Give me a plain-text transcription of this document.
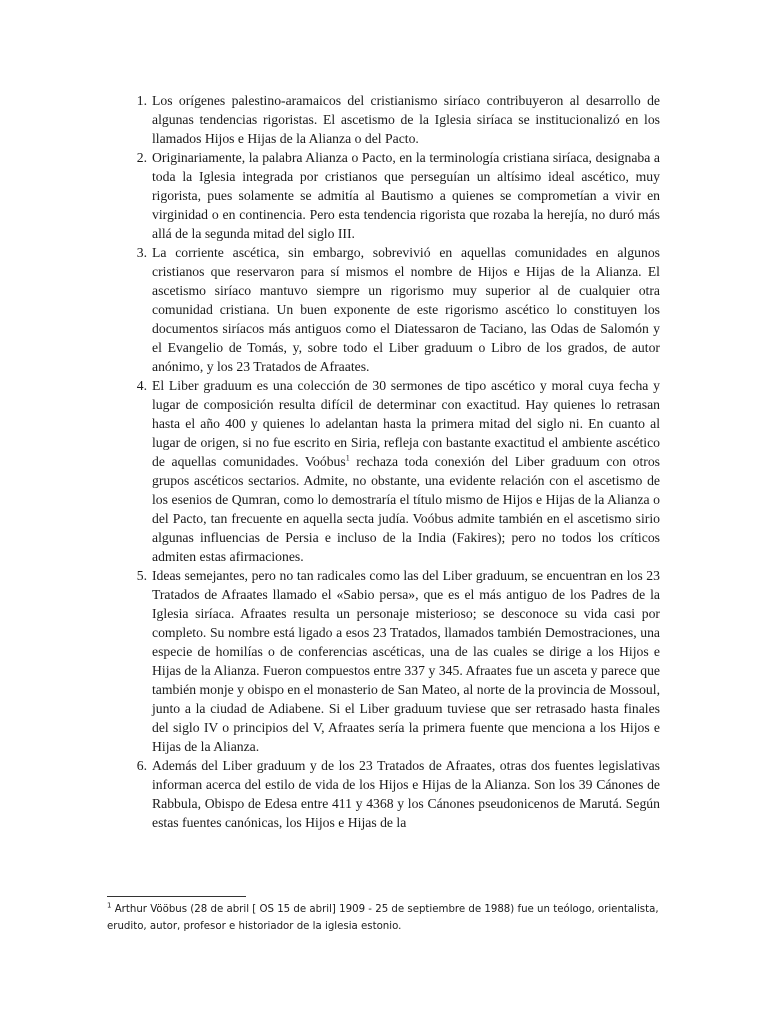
1. Los orígenes palestino-aramaicos del cristianismo siríaco contribuyeron al desarrollo de algunas tendencias rigoristas. El ascetismo de la Iglesia siríaca se institucionalizó en los llamados Hijos e Hijas de la Alianza o del Pacto.
2. Originariamente, la palabra Alianza o Pacto, en la terminología cristiana siríaca, designaba a toda la Iglesia integrada por cristianos que perseguían un altísimo ideal ascético, muy rigorista, pues solamente se admitía al Bautismo a quienes se comprometían a vivir en virginidad o en continencia. Pero esta tendencia rigorista que rozaba la herejía, no duró más allá de la segunda mitad del siglo III.
3. La corriente ascética, sin embargo, sobrevivió en aquellas comunidades en algunos cristianos que reservaron para sí mismos el nombre de Hijos e Hijas de la Alianza. El ascetismo siríaco mantuvo siempre un rigorismo muy superior al de cualquier otra comunidad cristiana. Un buen exponente de este rigorismo ascético lo constituyen los documentos siríacos más antiguos como el Diatessaron de Taciano, las Odas de Salomón y el Evangelio de Tomás, y, sobre todo el Liber graduum o Libro de los grados, de autor anónimo, y los 23 Tratados de Afraates.
4. El Liber graduum es una colección de 30 sermones de tipo ascético y moral cuya fecha y lugar de composición resulta difícil de determinar con exactitud. Hay quienes lo retrasan hasta el año 400 y quienes lo adelantan hasta la primera mitad del siglo ni. En cuanto al lugar de origen, si no fue escrito en Siria, refleja con bastante exactitud el ambiente ascético de aquellas comunidades. Voóbus$^1$ rechaza toda conexión del Liber graduum con otros grupos ascéticos sectarios. Admite, no obstante, una evidente relación con el ascetismo de los esenios de Qumran, como lo demostraría el título mismo de Hijos e Hijas de la Alianza o del Pacto, tan frecuente en aquella secta judía. Voóbus admite también en el ascetismo sirio algunas influencias de Persia e incluso de la India (Fakires); pero no todos los críticos admiten estas afirmaciones.
5. Ideas semejantes, pero no tan radicales como las del Liber graduum, se encuentran en los 23 Tratados de Afraates llamado el «Sabio persa», que es el más antiguo de los Padres de la Iglesia siríaca. Afraates resulta un personaje misterioso; se desconoce su vida casi por completo. Su nombre está ligado a esos 23 Tratados, llamados también Demostraciones, una especie de homilías o de conferencias ascéticas, una de las cuales se dirige a los Hijos e Hijas de la Alianza. Fueron compuestos entre 337 y 345. Afraates fue un asceta y parece que también monje y obispo en el monasterio de San Mateo, al norte de la provincia de Mossoul, junto a la ciudad de Adiabene. Si el Liber graduum tuviese que ser retrasado hasta finales del siglo IV o principios del V, Afraates sería la primera fuente que menciona a los Hijos e Hijas de la Alianza.
6. Además del Liber graduum y de los 23 Tratados de Afraates, otras dos fuentes legislativas informan acerca del estilo de vida de los Hijos e Hijas de la Alianza. Son los 39 Cánones de Rabbula, Obispo de Edesa entre 411 y 4368 y los Cánones pseudonicenos de Marutá. Según estas fuentes canónicas, los Hijos e Hijas de la
$^1$ Arthur Vööbus (28 de abril [ OS 15 de abril] 1909 - 25 de septiembre de 1988) fue un teólogo, orientalista, erudito, autor, profesor e historiador de la iglesia estonio.
